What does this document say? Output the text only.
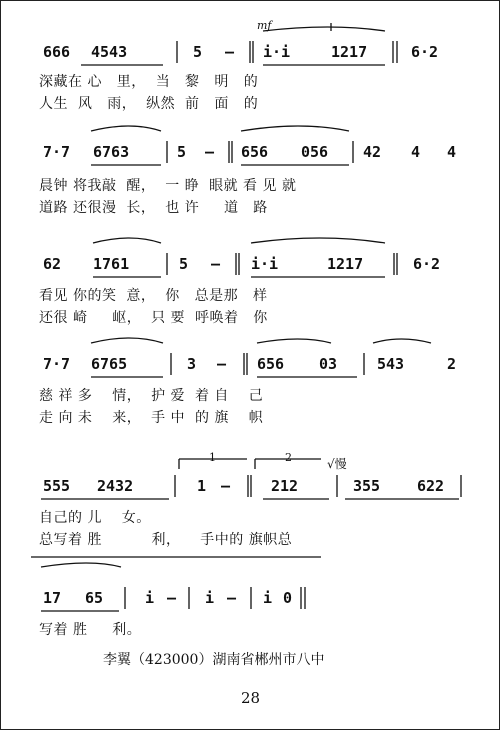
mf
1	2	√慢
666 4543	5 — i·i	1217	6·2
深藏在 心   里，  当   黎   明   的
人生  风   雨，  纵然  前   面   的
7·7 6763	5 — 656 056 42 4 4
晨钟 将我敲  醒，  一 睁  眼就 看 见 就
道路 还很漫  长，  也 许     道   路
62 1761	5 — i·i	1217	6·2
看见 你的笑  意，  你   总是那   样
还很 崎     岖，  只 要  呼唤着   你
7·7 6765	3 — 656 03	543	2
慈 祥 多    情，  护 爱  着 自    己
走 向 未    来，  手 中  的 旗    帜
555 2432	1 —	212	355 622
自己的 儿    女。
总写着 胜          利，    手中的 旗帜总
17 65	i — i — i 0
写着 胜     利。
李翼（423000）湖南省郴州市八中
28
